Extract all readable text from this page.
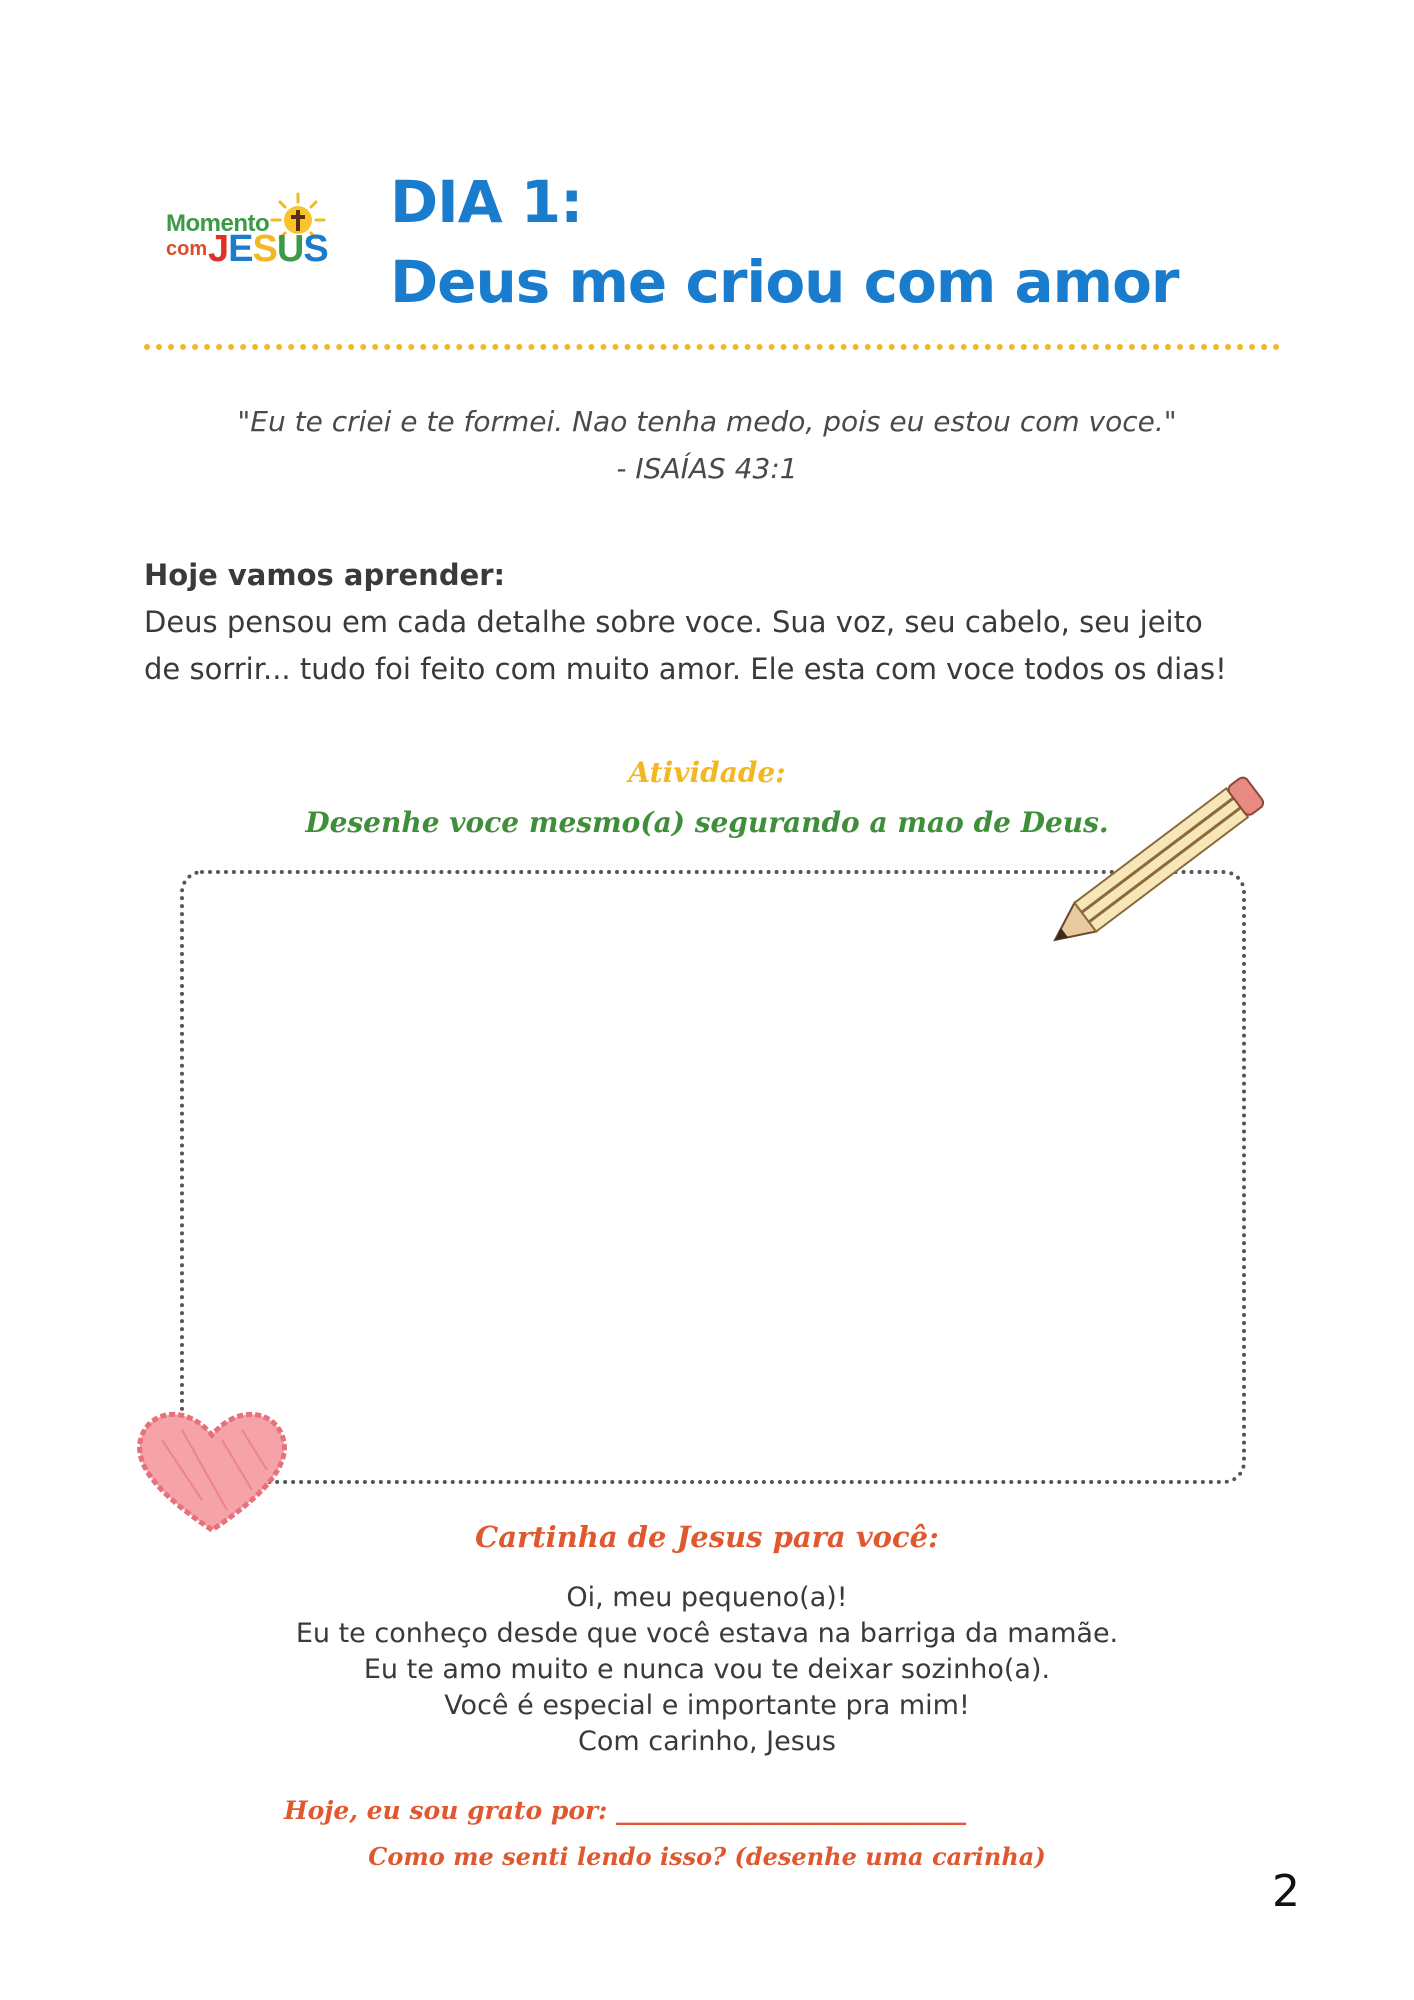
Momento
com JESUS
DIA 1:
Deus me criou com amor
"Eu te criei e te formei. Nao tenha medo, pois eu estou com voce."
- ISAÍAS 43:1
Hoje vamos aprender:
Deus pensou em cada detalhe sobre voce. Sua voz, seu cabelo, seu jeito
de sorrir... tudo foi feito com muito amor. Ele esta com voce todos os dias!
Atividade:
Desenhe voce mesmo(a) segurando a mao de Deus.
Cartinha de Jesus para você:
Oi, meu pequeno(a)!
Eu te conheço desde que você estava na barriga da mamãe.
Eu te amo muito e nunca vou te deixar sozinho(a).
Você é especial e importante pra mim!
Com carinho, Jesus
Hoje, eu sou grato por: ____________________________
Como me senti lendo isso? (desenhe uma carinha)
2
